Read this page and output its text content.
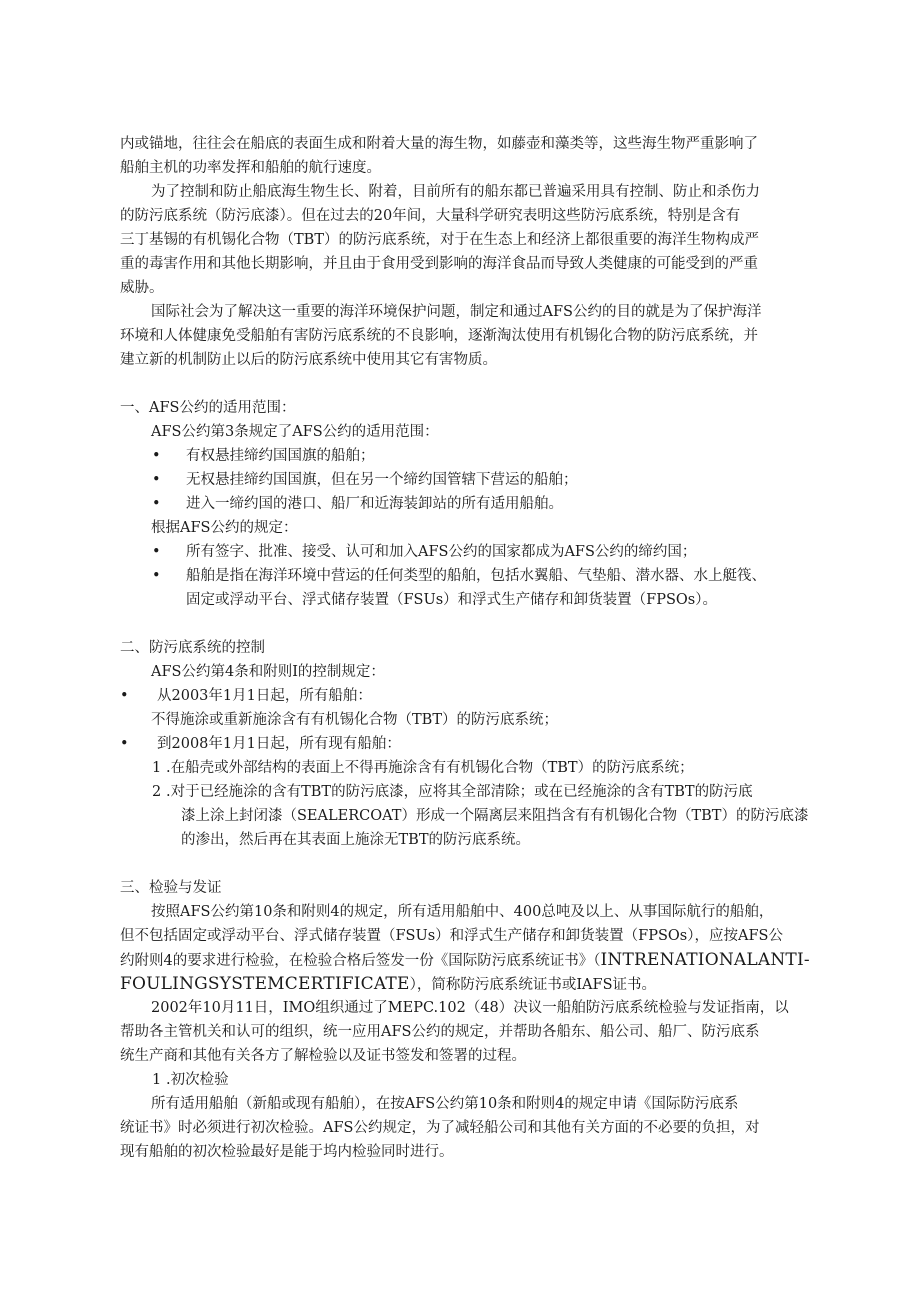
内或锚地，往往会在船底的表面生成和附着大量的海生物，如藤壶和藻类等，这些海生物严重影响了
船舶主机的功率发挥和船舶的航行速度。
为了控制和防止船底海生物生长、附着，目前所有的船东都已普遍采用具有控制、防止和杀伤力
的防污底系统（防污底漆）。但在过去的20年间，大量科学研究表明这些防污底系统，特别是含有
三丁基锡的有机锡化合物（TBT）的防污底系统，对于在生态上和经济上都很重要的海洋生物构成严
重的毒害作用和其他长期影响，并且由于食用受到影响的海洋食品而导致人类健康的可能受到的严重
威胁。
国际社会为了解决这一重要的海洋环境保护问题，制定和通过AFS公约的目的就是为了保护海洋
环境和人体健康免受船舶有害防污底系统的不良影响，逐渐淘汰使用有机锡化合物的防污底系统，并
建立新的机制防止以后的防污底系统中使用其它有害物质。
一、AFS公约的适用范围：
AFS公约第3条规定了AFS公约的适用范围：
• 有权悬挂缔约国国旗的船舶；
• 无权悬挂缔约国国旗，但在另一个缔约国管辖下营运的船舶；
• 进入一缔约国的港口、船厂和近海装卸站的所有适用船舶。
根据AFS公约的规定：
• 所有签字、批准、接受、认可和加入AFS公约的国家都成为AFS公约的缔约国；
• 船舶是指在海洋环境中营运的任何类型的船舶，包括水翼船、气垫船、潜水器、水上艇筏、
固定或浮动平台、浮式储存装置（FSUs）和浮式生产储存和卸货装置（FPSOs）。
二、防污底系统的控制
AFS公约第4条和附则I的控制规定：
• 从2003年1月1日起，所有船舶：
不得施涂或重新施涂含有有机锡化合物（TBT）的防污底系统；
• 到2008年1月1日起，所有现有船舶：
1 .在船壳或外部结构的表面上不得再施涂含有有机锡化合物（TBT）的防污底系统；
2 .对于已经施涂的含有TBT的防污底漆，应将其全部清除；或在已经施涂的含有TBT的防污底
漆上涂上封闭漆（SEALERCOAT）形成一个隔离层来阻挡含有有机锡化合物（TBT）的防污底漆
的渗出，然后再在其表面上施涂无TBT的防污底系统。
三、检验与发证
按照AFS公约第10条和附则4的规定，所有适用船舶中、400总吨及以上、从事国际航行的船舶，
但不包括固定或浮动平台、浮式储存装置（FSUs）和浮式生产储存和卸货装置（FPSOs），应按AFS公
约附则4的要求进行检验，在检验合格后签发一份《国际防污底系统证书》（INTRENATIONALANTI-
FOULINGSYSTEMCERTIFICATE），简称防污底系统证书或IAFS证书。
2002年10月11日，IMO组织通过了MEPC.102（48）决议一船舶防污底系统检验与发证指南，以
帮助各主管机关和认可的组织，统一应用AFS公约的规定，并帮助各船东、船公司、船厂、防污底系
统生产商和其他有关各方了解检验以及证书签发和签署的过程。
1 .初次检验
所有适用船舶（新船或现有船舶），在按AFS公约第10条和附则4的规定申请《国际防污底系
统证书》时必须进行初次检验。AFS公约规定，为了减轻船公司和其他有关方面的不必要的负担，对
现有船舶的初次检验最好是能于坞内检验同时进行。
